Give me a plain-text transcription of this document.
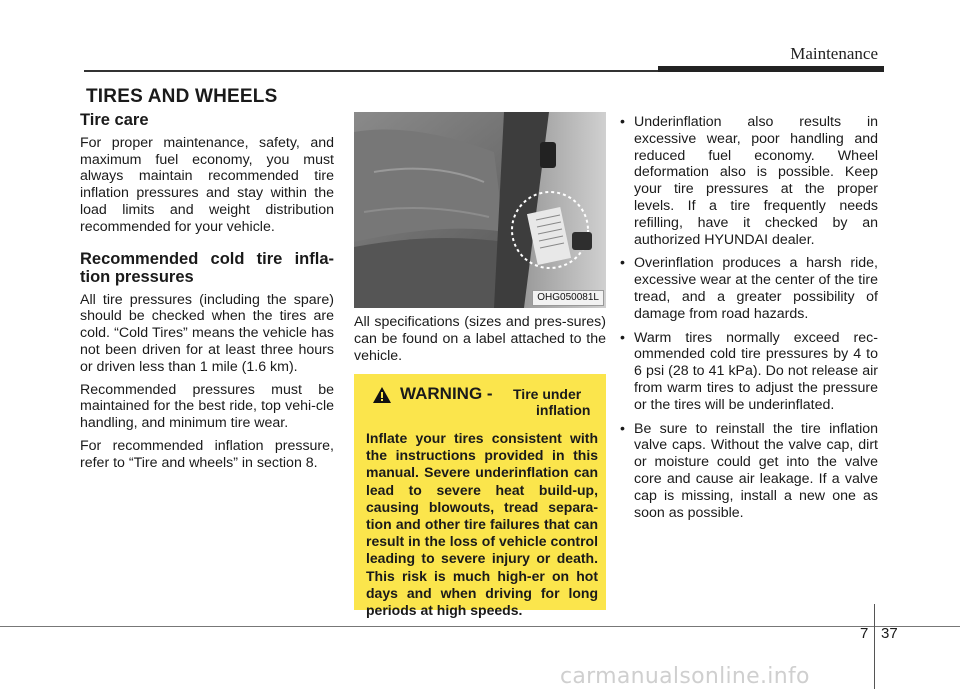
Maintenance
TIRES AND WHEELS
Tire care

For proper maintenance, safety, and maximum fuel economy, you must always maintain recommended tire inflation pressures and stay within the load limits and weight distribution recommended for your vehicle.

Recommended cold tire infla-tion pressures

All tire pressures (including the spare) should be checked when the tires are cold. “Cold Tires” means the vehicle has not been driven for at least three hours or driven less than 1 mile (1.6 km).

Recommended pressures must be maintained for the best ride, top vehi-cle handling, and minimum tire wear.

For recommended inflation pressure, refer to “Tire and wheels” in section 8.

OHG050081L

All specifications (sizes and pres-sures) can be found on a label attached to the vehicle.

WARNING - Tire under
inflation
Inflate your tires consistent with the instructions provided in this manual. Severe underinflation can lead to severe heat build-up, causing blowouts, tread separa-tion and other tire failures that can result in the loss of vehicle control leading to severe injury or death. This risk is much high-er on hot days and when driving for long periods at high speeds.
• Underinflation also results in excessive wear, poor handling and reduced fuel economy. Wheel deformation also is possible. Keep your tire pressures at the proper levels. If a tire frequently needs refilling, have it checked by an authorized HYUNDAI dealer.
• Overinflation produces a harsh ride, excessive wear at the center of the tire tread, and a greater possibility of damage from road hazards.
• Warm tires normally exceed rec-ommended cold tire pressures by 4 to 6 psi (28 to 41 kPa). Do not release air from warm tires to adjust the pressure or the tires will be underinflated.
• Be sure to reinstall the tire inflation valve caps. Without the valve cap, dirt or moisture could get into the valve core and cause air leakage. If a valve cap is missing, install a new one as soon as possible.
7 37
carmanualsonline.info
